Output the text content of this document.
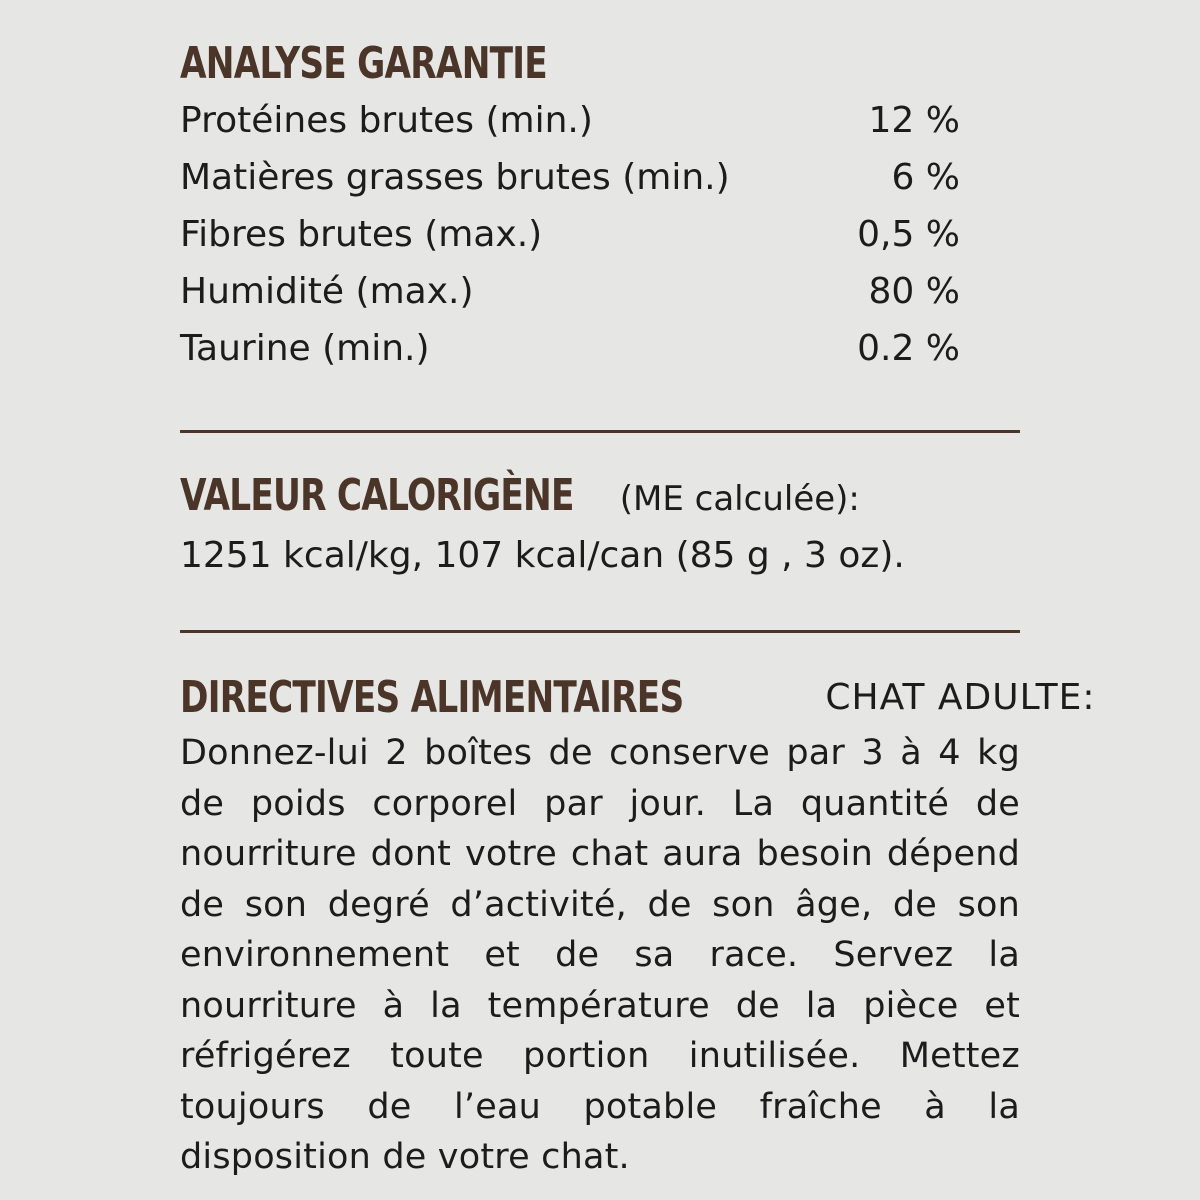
ANALYSE GARANTIE
Protéines brutes (min.)	12 %
Matières grasses brutes (min.)	6 %
Fibres brutes (max.)	0,5 %
Humidité (max.)	80 %
Taurine (min.)	0.2 %
VALEUR CALORIGÈNE (ME calculée):
1251 kcal/kg, 107 kcal/can (85 g , 3 oz).
DIRECTIVES ALIMENTAIRES	CHAT ADULTE:
Donnez-lui 2 boîtes de conserve par 3 à 4 kg de poids corporel par jour. La quantité de nourriture dont votre chat aura besoin dépend de son degré d’activité, de son âge, de son environnement et de sa race. Servez la nourriture à la température de la pièce et réfrigérez toute portion inutilisée. Mettez toujours de l’eau potable fraîche à la disposition de votre chat.
